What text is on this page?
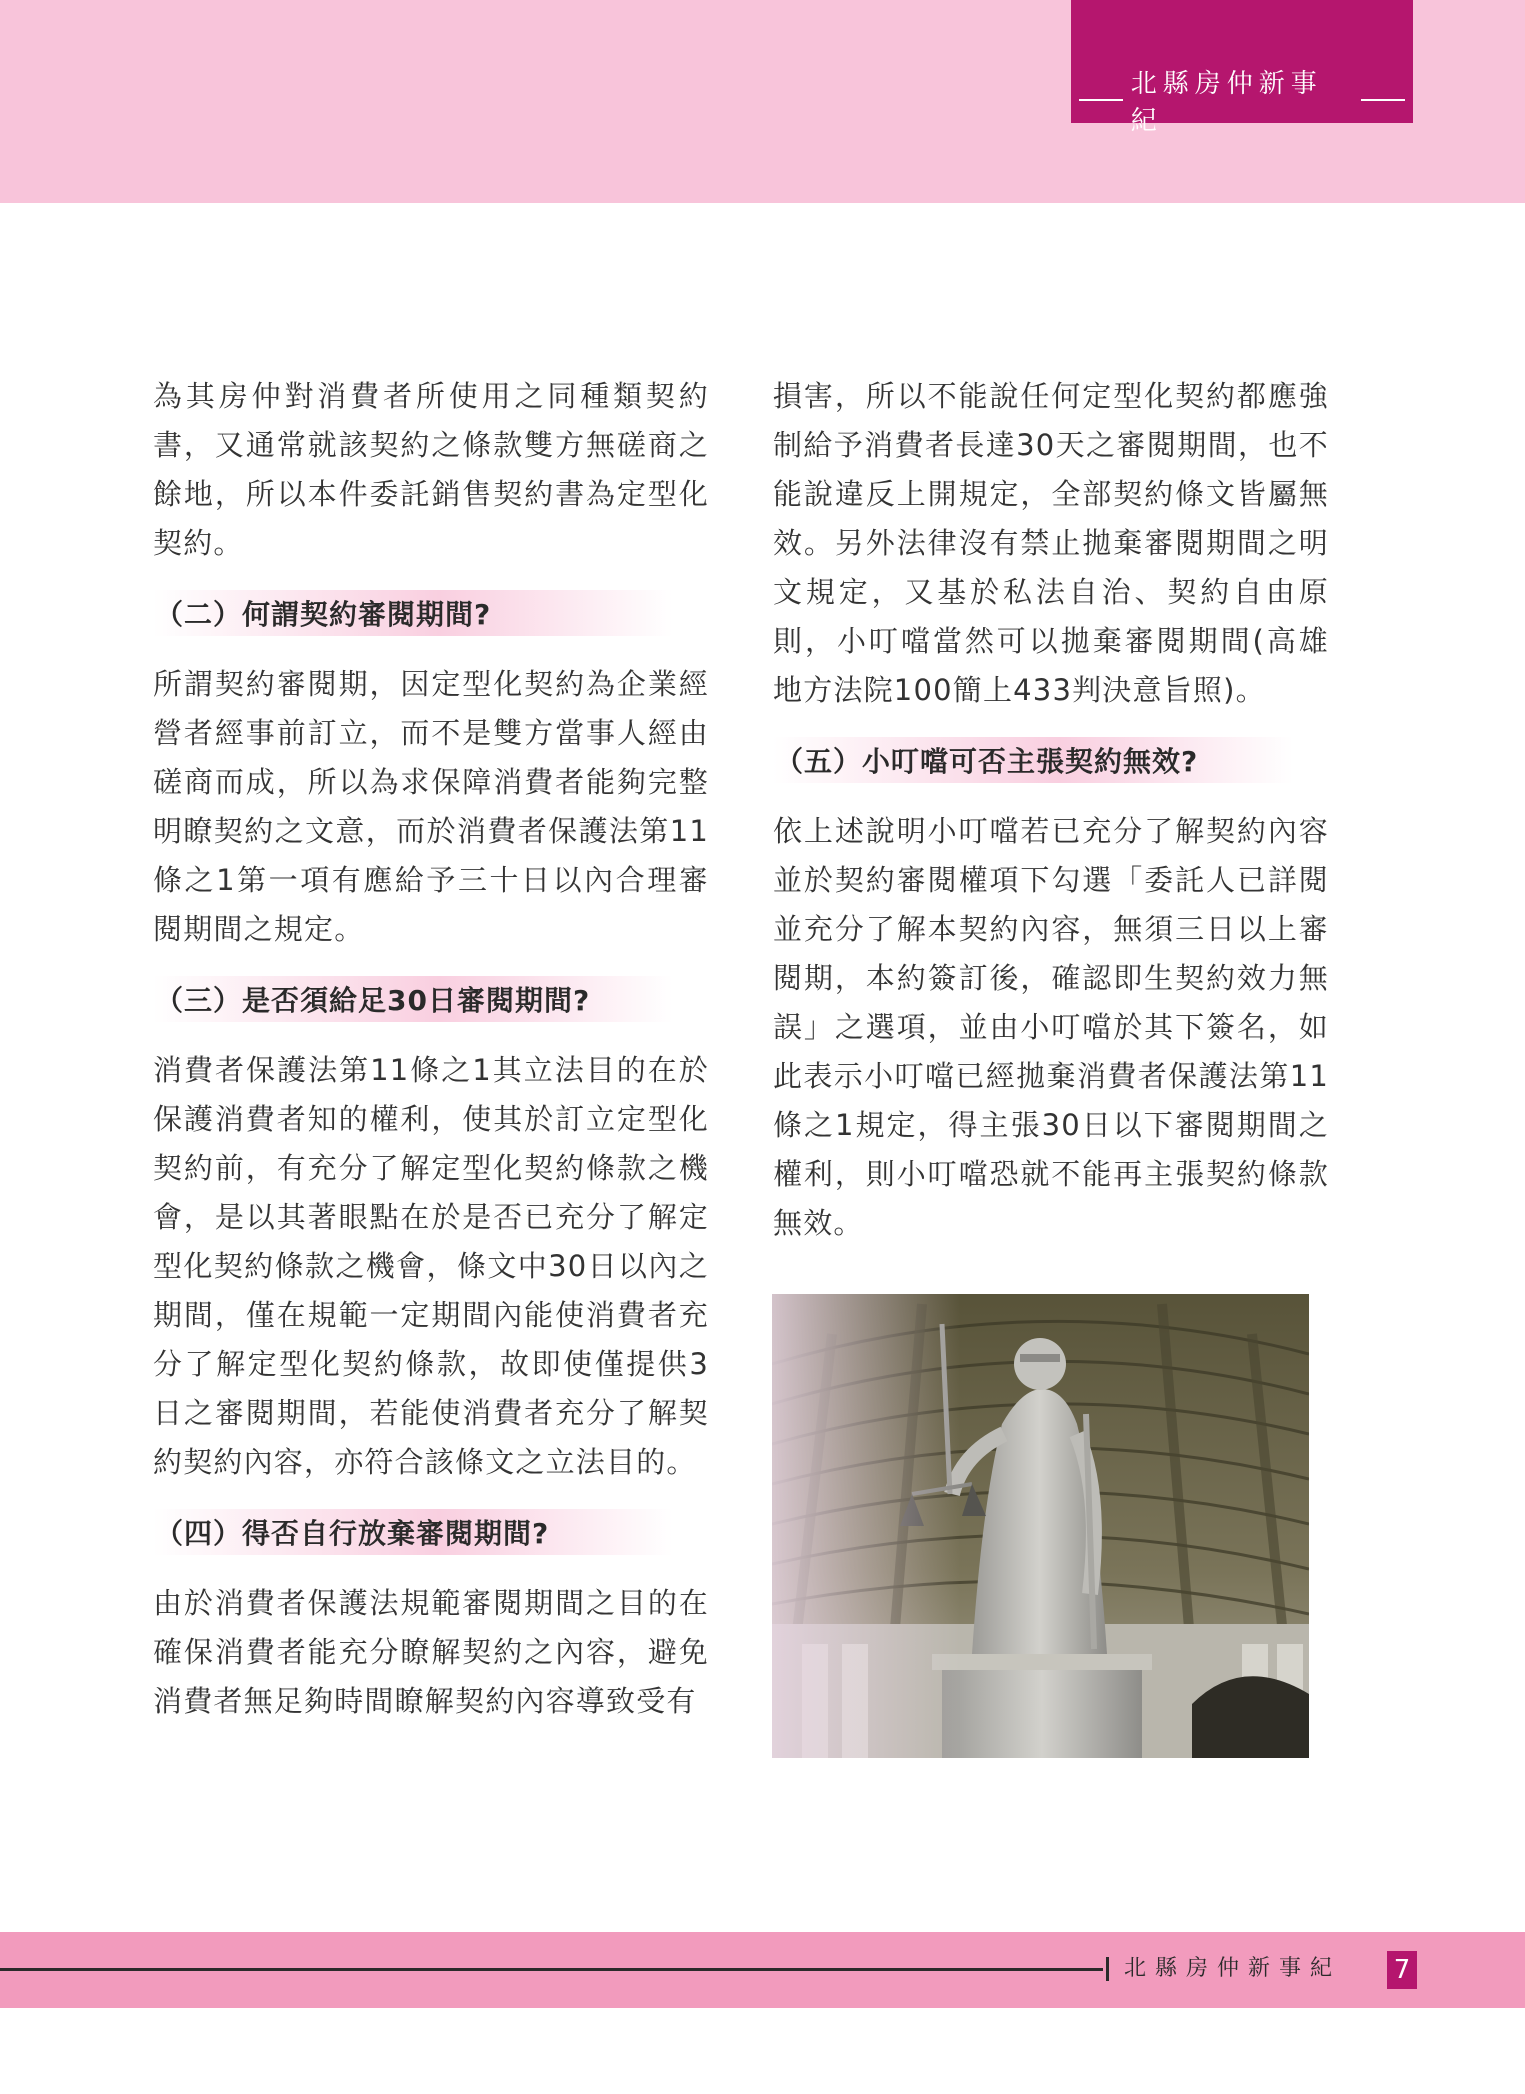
北縣房仲新事紀

為其房仲對消費者所使用之同種類契約書，又通常就該契約之條款雙方無磋商之餘地，所以本件委託銷售契約書為定型化契約。

（二）何謂契約審閱期間?

所謂契約審閱期，因定型化契約為企業經營者經事前訂立，而不是雙方當事人經由磋商而成，所以為求保障消費者能夠完整明瞭契約之文意，而於消費者保護法第11條之1第一項有應給予三十日以內合理審閱期間之規定。

（三）是否須給足30日審閱期間?

消費者保護法第11條之1其立法目的在於保護消費者知的權利，使其於訂立定型化契約前，有充分了解定型化契約條款之機會，是以其著眼點在於是否已充分了解定型化契約條款之機會，條文中30日以內之期間，僅在規範一定期間內能使消費者充分了解定型化契約條款，故即使僅提供3日之審閱期間，若能使消費者充分了解契約契約內容，亦符合該條文之立法目的。

（四）得否自行放棄審閱期間?

由於消費者保護法規範審閱期間之目的在確保消費者能充分瞭解契約之內容，避免消費者無足夠時間瞭解契約內容導致受有

損害，所以不能說任何定型化契約都應強制給予消費者長達30天之審閱期間，也不能說違反上開規定，全部契約條文皆屬無效。另外法律沒有禁止拋棄審閱期間之明文規定，又基於私法自治、契約自由原則，小叮噹當然可以拋棄審閱期間(高雄地方法院100簡上433判決意旨照)。

（五）小叮噹可否主張契約無效?

依上述說明小叮噹若已充分了解契約內容並於契約審閱權項下勾選「委託人已詳閱並充分了解本契約內容，無須三日以上審閱期，本約簽訂後，確認即生契約效力無誤」之選項，並由小叮噹於其下簽名，如此表示小叮噹已經拋棄消費者保護法第11條之1規定，得主張30日以下審閱期間之權利，則小叮噹恐就不能再主張契約條款無效。

北縣房仲新事紀 7
